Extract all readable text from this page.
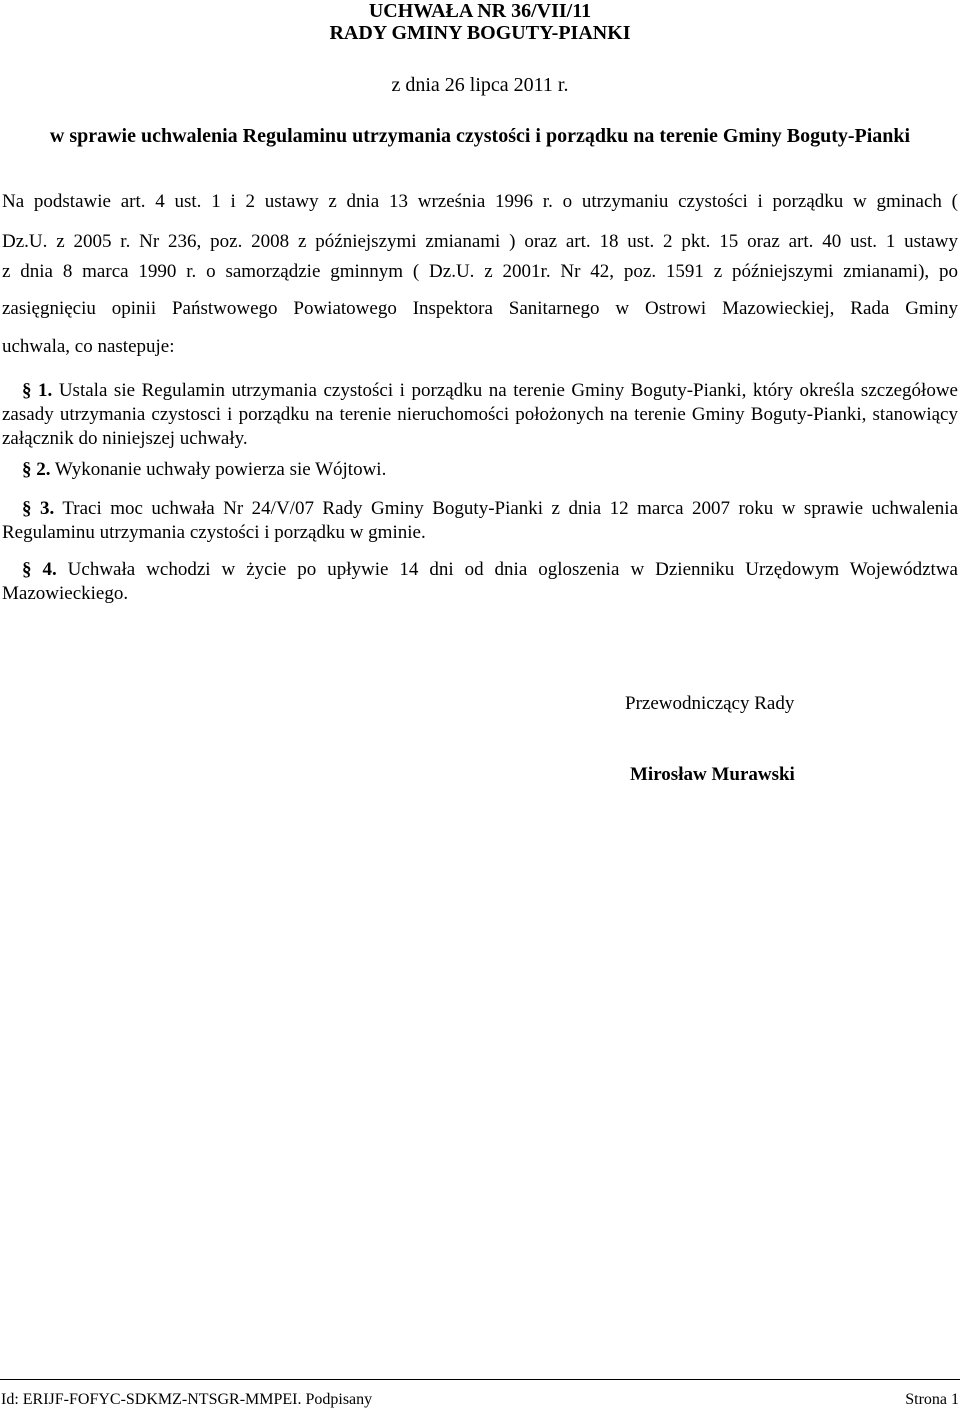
UCHWAŁA NR 36/VII/11
RADY GMINY BOGUTY-PIANKI
z dnia 26 lipca 2011 r.
w sprawie uchwalenia Regulaminu utrzymania czystości i porządku na terenie Gminy Boguty-Pianki
Na podstawie art. 4 ust. 1 i 2 ustawy z dnia 13 września 1996 r. o utrzymaniu czystości i porządku w gminach (
Dz.U. z 2005 r. Nr 236, poz. 2008 z późniejszymi zmianami ) oraz art. 18 ust. 2 pkt. 15 oraz art. 40 ust. 1 ustawy
z dnia 8 marca 1990 r. o samorządzie gminnym ( Dz.U. z 2001r. Nr 42, poz. 1591 z późniejszymi zmianami), po
zasięgnięciu opinii Państwowego Powiatowego Inspektora Sanitarnego w Ostrowi Mazowieckiej, Rada Gminy
uchwala, co nastepuje:
§ 1. Ustala sie Regulamin utrzymania czystości i porządku na terenie Gminy Boguty-Pianki, który określa szczegółowe zasady utrzymania czystosci i porządku na terenie nieruchomości położonych na terenie Gminy Boguty-Pianki, stanowiący załącznik do niniejszej uchwały.
§ 2. Wykonanie uchwały powierza sie Wójtowi.
§ 3. Traci moc uchwała Nr 24/V/07 Rady Gminy Boguty-Pianki z dnia 12 marca 2007 roku w sprawie uchwalenia Regulaminu utrzymania czystości i porządku w gminie.
§ 4. Uchwała wchodzi w życie po upływie 14 dni od dnia ogloszenia w Dzienniku Urzędowym Województwa Mazowieckiego.
Przewodniczący Rady
Mirosław Murawski
Id: ERIJF-FOFYC-SDKMZ-NTSGR-MMPEI. Podpisany	Strona 1
